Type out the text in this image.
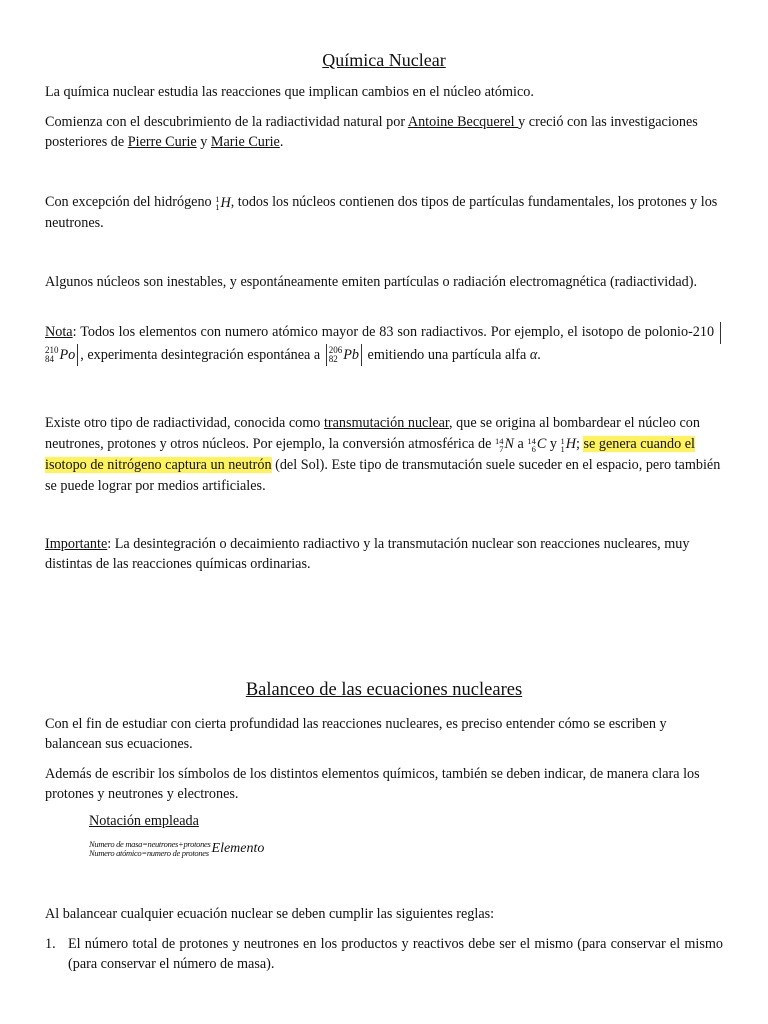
Química Nuclear

La química nuclear estudia las reacciones que implican cambios en el núcleo atómico.

Comienza con el descubrimiento de la radiactividad natural por Antoine Becquerel y creció con las investigaciones posteriores de Pierre Curie y Marie Curie.

Con excepción del hidrógeno 1
1 H , todos los núcleos contienen dos tipos de partículas fundamentales, los protones y los neutrones.

Algunos núcleos son inestables, y espontáneamente emiten partículas o radiación electromagnética (radiactividad).

Nota: Todos los elementos con numero atómico mayor de 83 son radiactivos. Por ejemplo, el isotopo de polonio-210
210
84 Po , experimenta desintegración espontánea a 206
82 Pb emitiendo una partícula alfa α.

Existe otro tipo de radiactividad, conocida como transmutación nuclear, que se origina al bombardear el núcleo con neutrones, protones y otros núcleos. Por ejemplo, la conversión atmosférica de 14
7 N a 14
6 C y 1
1 H ; se genera cuando el isotopo de nitrógeno captura un neutrón (del Sol). Este tipo de transmutación suele suceder en el espacio, pero también se puede lograr por medios artificiales.

Importante: La desintegración o decaimiento radiactivo y la transmutación nuclear son reacciones nucleares, muy distintas de las reacciones químicas ordinarias.

Balanceo de las ecuaciones nucleares

Con el fin de estudiar con cierta profundidad las reacciones nucleares, es preciso entender cómo se escriben y balancean sus ecuaciones.

Además de escribir los símbolos de los distintos elementos químicos, también se deben indicar, de manera clara los protones y neutrones y electrones.

Notación empleada
Numero de masa=neutrones+protones
Numero atómico=numero de protones Elemento

Al balancear cualquier ecuación nuclear se deben cumplir las siguientes reglas:

1. El número total de protones y neutrones en los productos y reactivos debe ser el mismo (para conservar el mismo (para conservar el número de masa).
